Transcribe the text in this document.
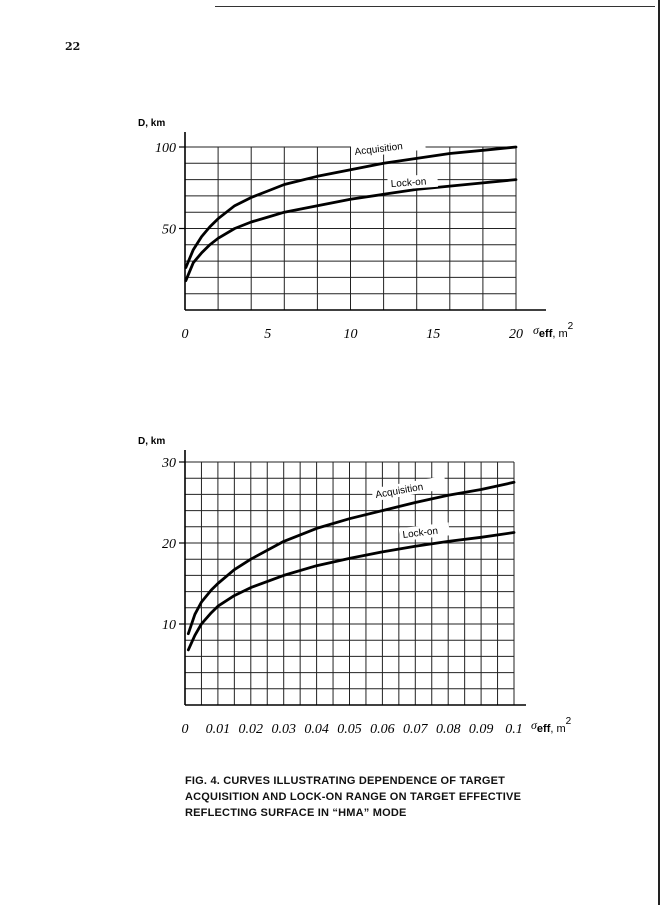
22
50
100
0	5	10	15	20
D, km
σeff, $m^2$
Acquisition
Lock-on
10
20
30
0 0.01 0.02 0.03 0.04 0.05 0.06 0.07 0.08 0.09 0.1
D, km
σeff, $m^2$
Acquisition
Lock-on
FIG. 4. CURVES ILLUSTRATING DEPENDENCE OF TARGET
ACQUISITION AND LOCK-ON RANGE ON TARGET EFFECTIVE
REFLECTING SURFACE IN “HMA” MODE
